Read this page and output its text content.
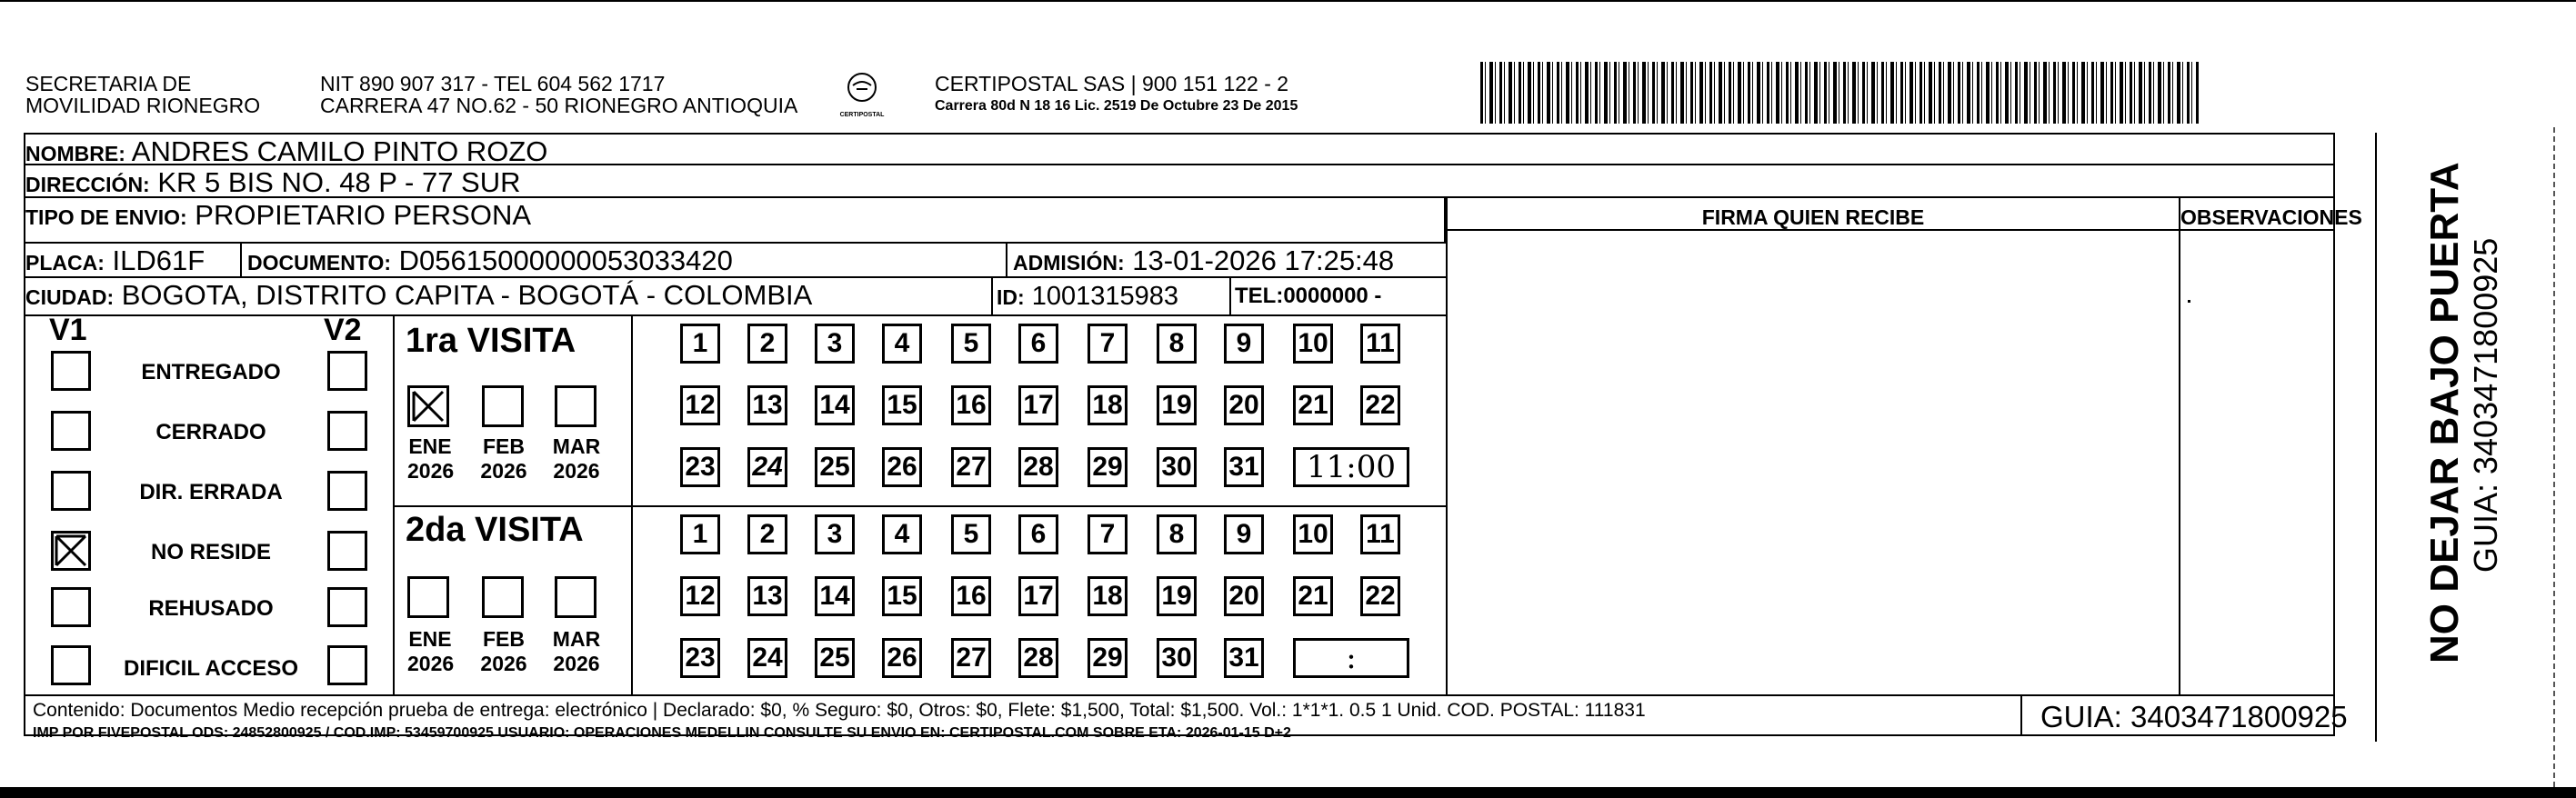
SECRETARIA DE
MOVILIDAD RIONEGRO
NIT 890 907 317 - TEL 604 562 1717
CARRERA 47 NO.62 - 50 RIONEGRO ANTIOQUIA	CERTIPOSTAL
CERTIPOSTAL SAS | 900 151 122 - 2
Carrera 80d N 18 16 Lic. 2519 De Octubre 23 De 2015
NOMBRE: ANDRES CAMILO PINTO ROZO
DIRECCIÓN: KR 5 BIS NO. 48 P - 77 SUR
TIPO DE ENVIO: PROPIETARIO PERSONA
PLACA: ILD61F	DOCUMENTO: D05615000000053033420	ADMISIÓN: 13-01-2026 17:25:48
CIUDAD: BOGOTA, DISTRITO CAPITA - BOGOTÁ - COLOMBIA	ID: 1001315983	TEL:0000000 -
FIRMA QUIEN RECIBE	OBSERVACIONES
V1	V2
ENTREGADO
CERRADO
DIR. ERRADA
NO RESIDE
REHUSADO
DIFICIL ACCESO
1ra VISITA
ENE
2026
FEB
2026
MAR
2026
2da VISITA
ENE
2026
FEB
2026
MAR
2026
1	2	3	4	5	6	7	8	9	10 11
12 13 14 15 16 17 18 19 20 21 22
23 24 25 26 27 28 29 30 31	11:00
1	2	3	4	5	6	7	8	9	10 11
12 13 14 15 16 17 18 19 20 21 22
23 24 25 26 27 28 29 30 31	:
Contenido: Documentos Medio recepción prueba de entrega: electrónico | Declarado: $0, % Seguro: $0, Otros: $0, Flete: $1,500, Total: $1,500. Vol.: 1*1*1. 0.5 1 Unid. COD. POSTAL: 111831
IMP POR FIVEPOSTAL ODS: 24852800925 / COD.IMP: 53459700925 USUARIO: OPERACIONES MEDELLIN CONSULTE SU ENVIO EN: CERTIPOSTAL.COM SOBRE ETA: 2026-01-15 D+2	GUIA: 3403471800925
NO DEJAR BAJO PUERTA GUIA: 3403471800925
